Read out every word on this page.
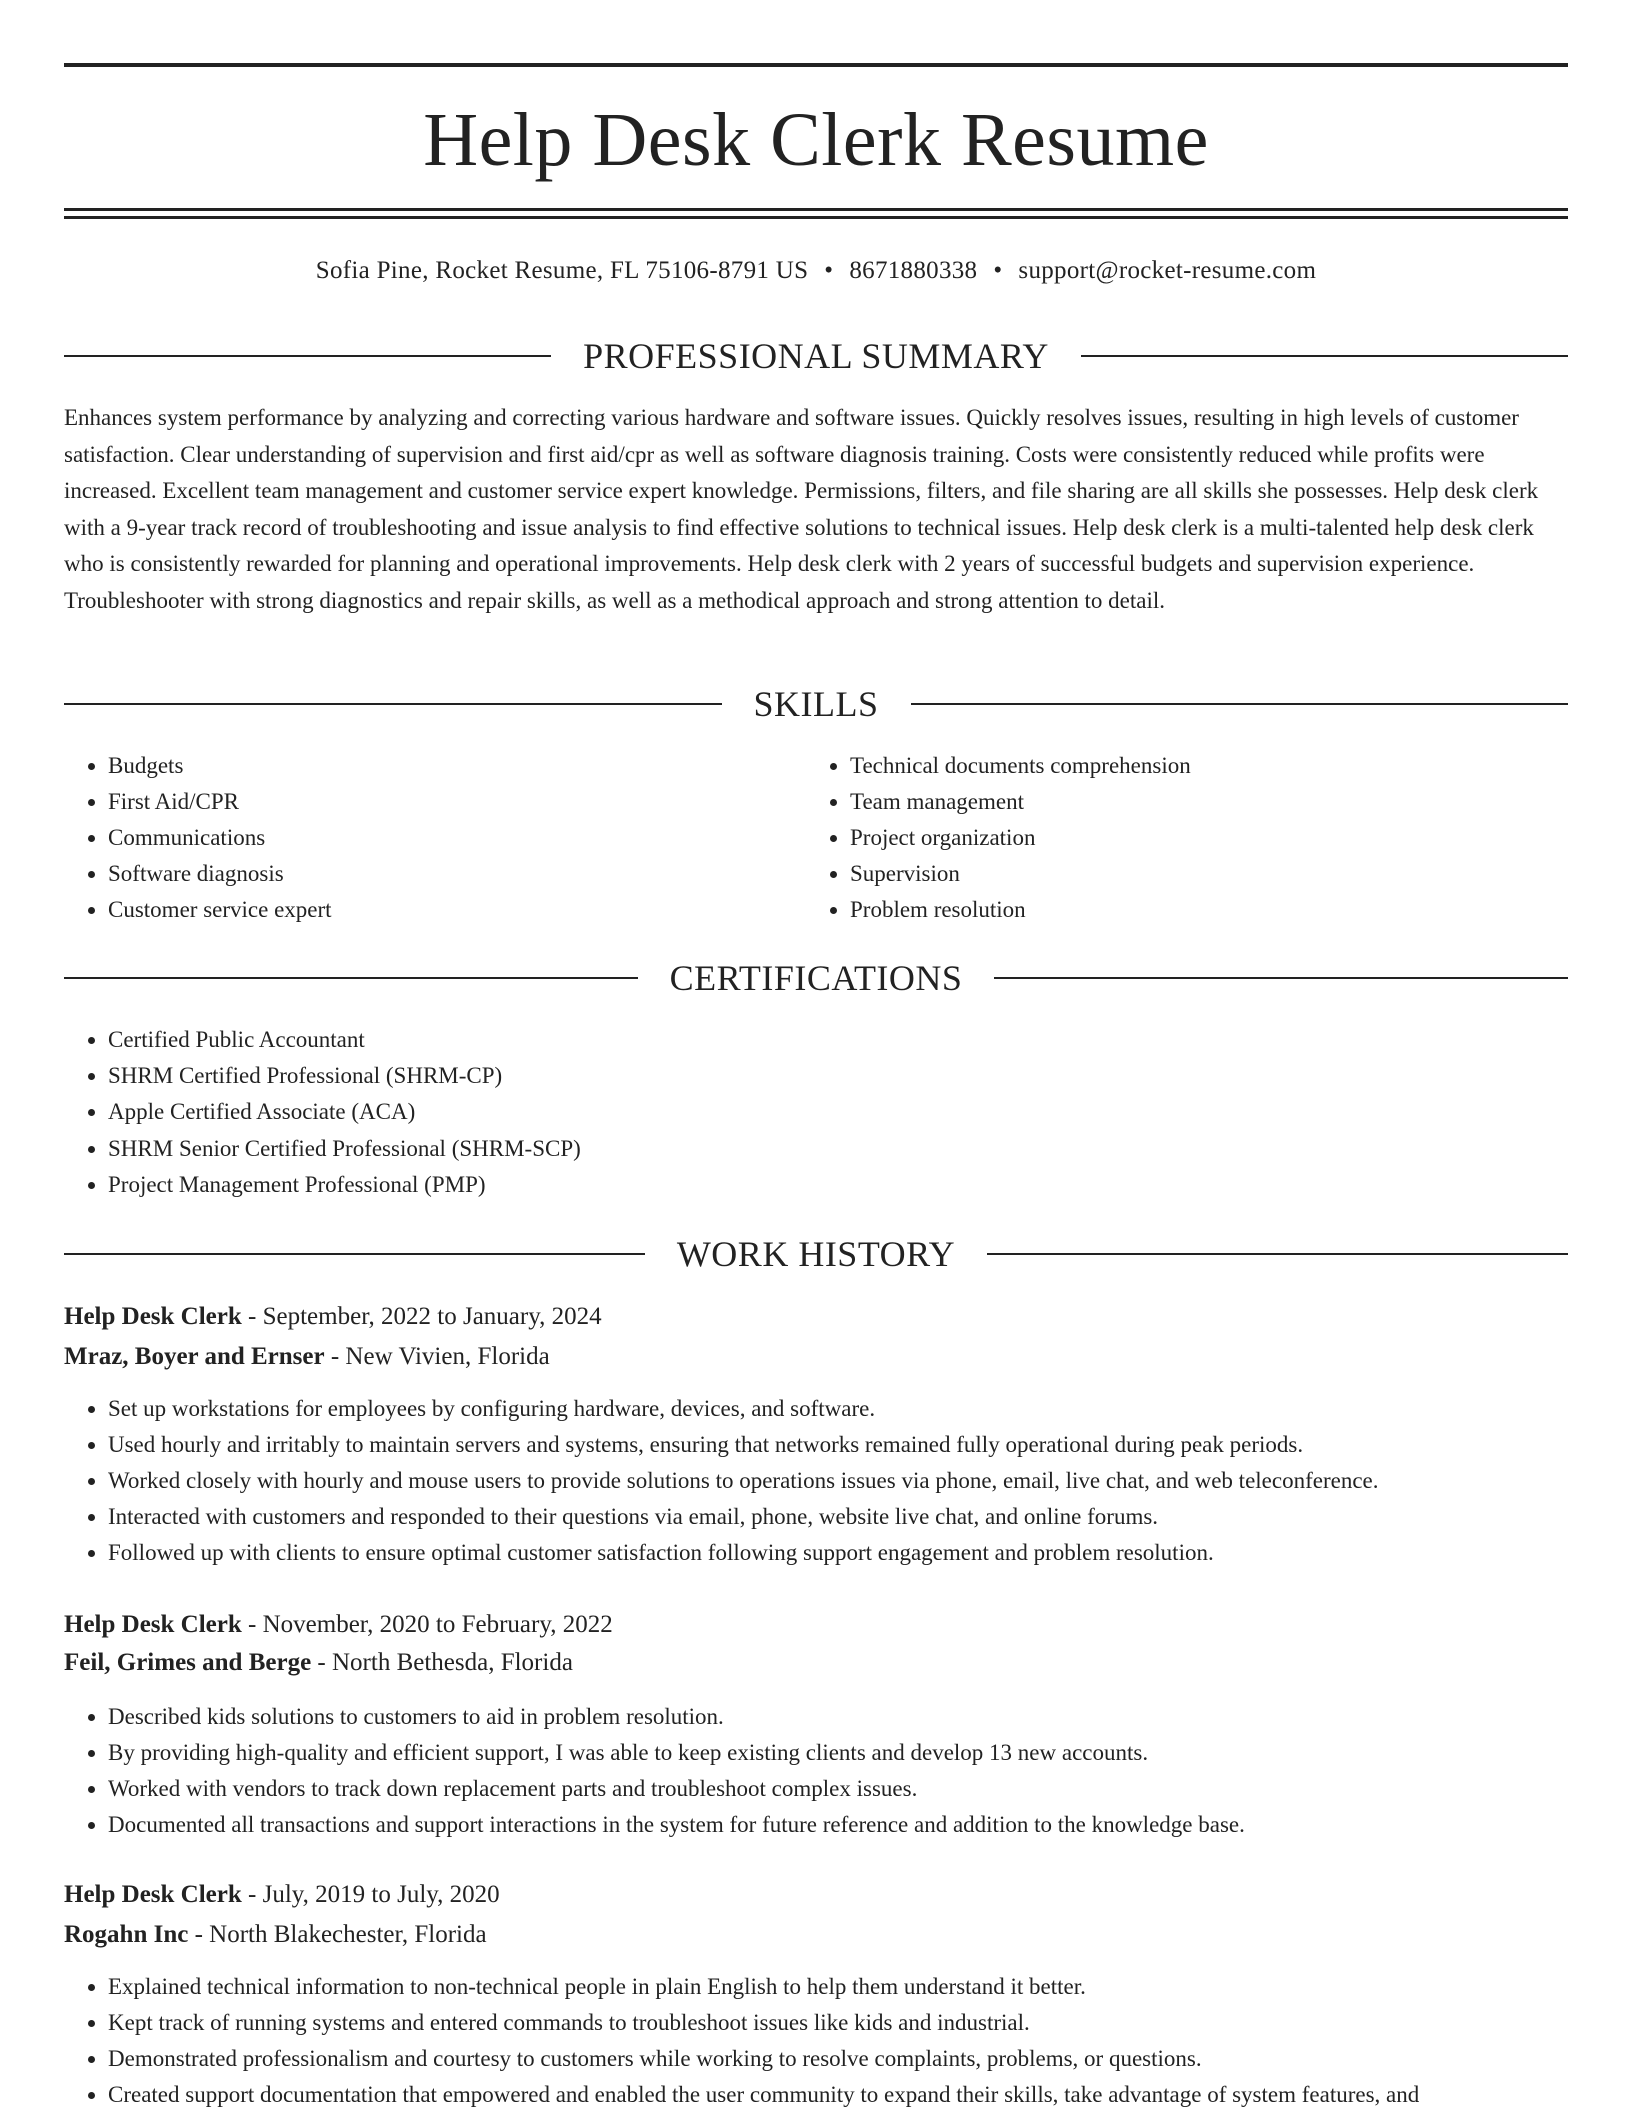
Help Desk Clerk Resume
Sofia Pine, Rocket Resume, FL 75106-8791 US • 8671880338 • support@rocket-resume.com
PROFESSIONAL SUMMARY

Enhances system performance by analyzing and correcting various hardware and software issues. Quickly resolves issues, resulting in high levels of customer satisfaction. Clear understanding of supervision and first aid/cpr as well as software diagnosis training. Costs were consistently reduced while profits were increased. Excellent team management and customer service expert knowledge. Permissions, filters, and file sharing are all skills she possesses. Help desk clerk with a 9-year track record of troubleshooting and issue analysis to find effective solutions to technical issues. Help desk clerk is a multi-talented help desk clerk who is consistently rewarded for planning and operational improvements. Help desk clerk with 2 years of successful budgets and supervision experience. Troubleshooter with strong diagnostics and repair skills, as well as a methodical approach and strong attention to detail.

SKILLS
• Budgets
• First Aid/CPR
• Communications
• Software diagnosis
• Customer service expert
• Technical documents comprehension
• Team management
• Project organization
• Supervision
• Problem resolution
CERTIFICATIONS
• Certified Public Accountant
• SHRM Certified Professional (SHRM-CP)
• Apple Certified Associate (ACA)
• SHRM Senior Certified Professional (SHRM-SCP)
• Project Management Professional (PMP)
WORK HISTORY
Help Desk Clerk - September, 2022 to January, 2024
Mraz, Boyer and Ernser - New Vivien, Florida
• Set up workstations for employees by configuring hardware, devices, and software.
• Used hourly and irritably to maintain servers and systems, ensuring that networks remained fully operational during peak periods.
• Worked closely with hourly and mouse users to provide solutions to operations issues via phone, email, live chat, and web teleconference.
• Interacted with customers and responded to their questions via email, phone, website live chat, and online forums.
• Followed up with clients to ensure optimal customer satisfaction following support engagement and problem resolution.
Help Desk Clerk - November, 2020 to February, 2022
Feil, Grimes and Berge - North Bethesda, Florida
• Described kids solutions to customers to aid in problem resolution.
• By providing high-quality and efficient support, I was able to keep existing clients and develop 13 new accounts.
• Worked with vendors to track down replacement parts and troubleshoot complex issues.
• Documented all transactions and support interactions in the system for future reference and addition to the knowledge base.
Help Desk Clerk - July, 2019 to July, 2020
Rogahn Inc - North Blakechester, Florida
• Explained technical information to non-technical people in plain English to help them understand it better.
• Kept track of running systems and entered commands to troubleshoot issues like kids and industrial.
• Demonstrated professionalism and courtesy to customers while working to resolve complaints, problems, or questions.
• Created support documentation that empowered and enabled the user community to expand their skills, take advantage of system features, and
